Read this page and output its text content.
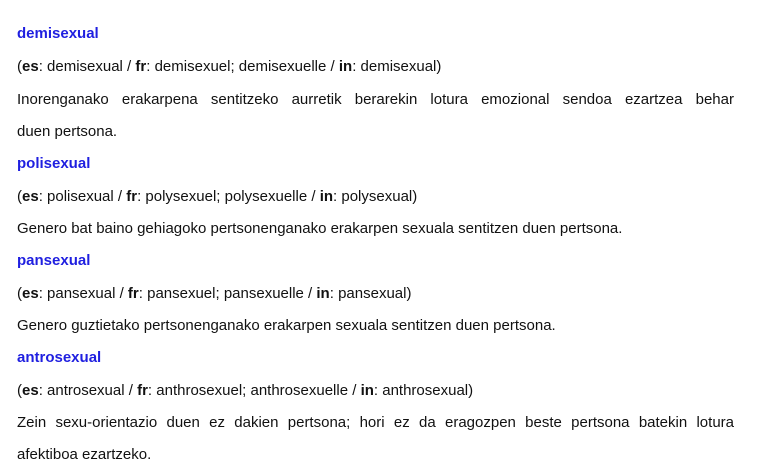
demisexual
(es: demisexual / fr: demisexuel; demisexuelle / in: demisexual)
Inorenganako erakarpena sentitzeko aurretik berarekin lotura emozional sendoa ezartzea behar
duen pertsona.
polisexual
(es: polisexual / fr: polysexuel; polysexuelle / in: polysexual)
Genero bat baino gehiagoko pertsonenganako erakarpen sexuala sentitzen duen pertsona.
pansexual
(es: pansexual / fr: pansexuel; pansexuelle / in: pansexual)
Genero guztietako pertsonenganako erakarpen sexuala sentitzen duen pertsona.
antrosexual
(es: antrosexual / fr: anthrosexuel; anthrosexuelle / in: anthrosexual)
Zein sexu-orientazio duen ez dakien pertsona; hori ez da eragozpen beste pertsona batekin lotura
afektiboa ezartzeko.
